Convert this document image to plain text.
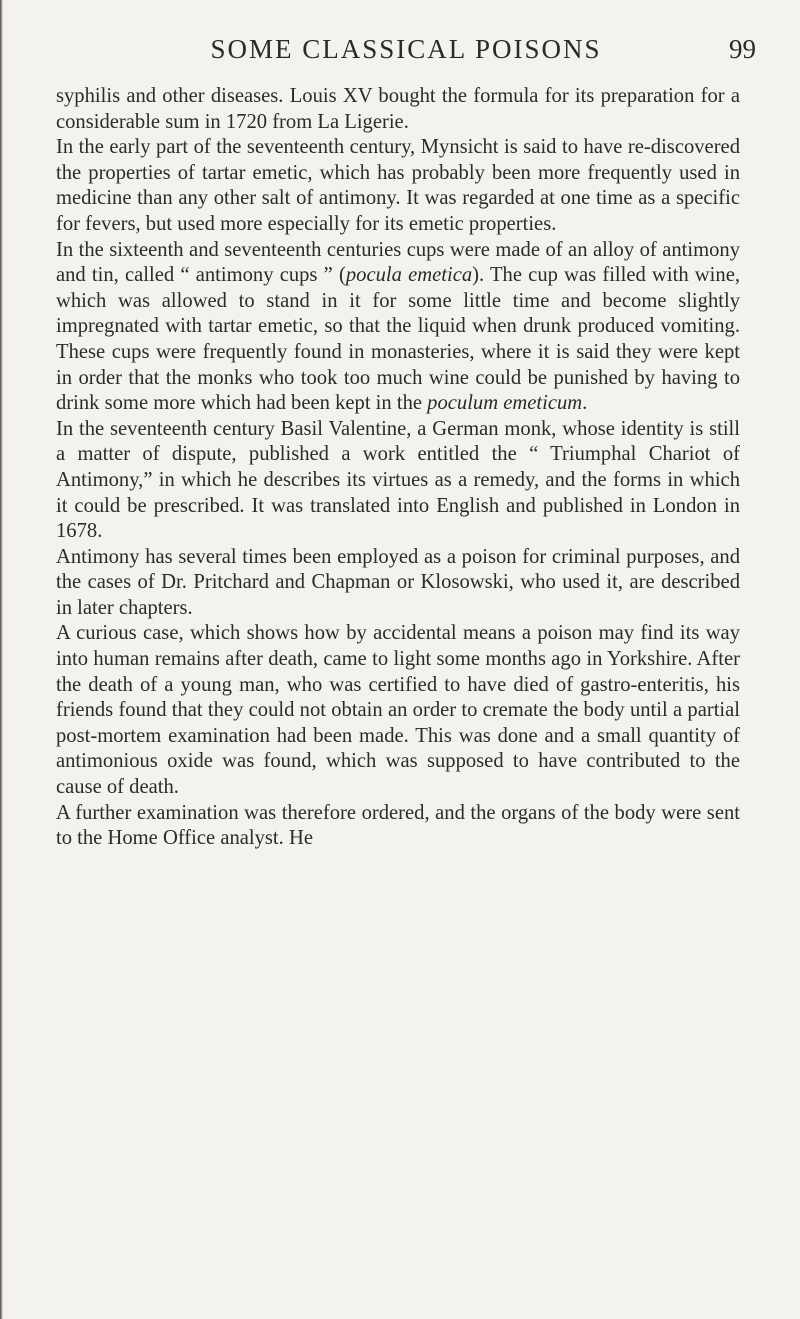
SOME CLASSICAL POISONS	99

syphilis and other diseases. Louis XV bought the formula for its preparation for a considerable sum in 1720 from La Ligerie.

In the early part of the seventeenth century, Mynsicht is said to have re-discovered the properties of tartar emetic, which has probably been more frequently used in medicine than any other salt of antimony. It was regarded at one time as a specific for fevers, but used more especially for its emetic properties.

In the sixteenth and seventeenth centuries cups were made of an alloy of antimony and tin, called “ antimony cups ” (pocula emetica). The cup was filled with wine, which was allowed to stand in it for some little time and become slightly impregnated with tartar emetic, so that the liquid when drunk produced vomiting. These cups were frequently found in monasteries, where it is said they were kept in order that the monks who took too much wine could be punished by having to drink some more which had been kept in the poculum emeticum.

In the seventeenth century Basil Valentine, a German monk, whose identity is still a matter of dispute, published a work entitled the “ Triumphal Chariot of Antimony,” in which he describes its virtues as a remedy, and the forms in which it could be prescribed. It was translated into English and published in London in 1678.

Antimony has several times been employed as a poison for criminal purposes, and the cases of Dr. Pritchard and Chapman or Klosowski, who used it, are described in later chapters.

A curious case, which shows how by accidental means a poison may find its way into human remains after death, came to light some months ago in Yorkshire. After the death of a young man, who was certified to have died of gastro-enteritis, his friends found that they could not obtain an order to cremate the body until a partial post-mortem examination had been made. This was done and a small quantity of antimonious oxide was found, which was supposed to have contributed to the cause of death.

A further examination was therefore ordered, and the organs of the body were sent to the Home Office analyst. He
